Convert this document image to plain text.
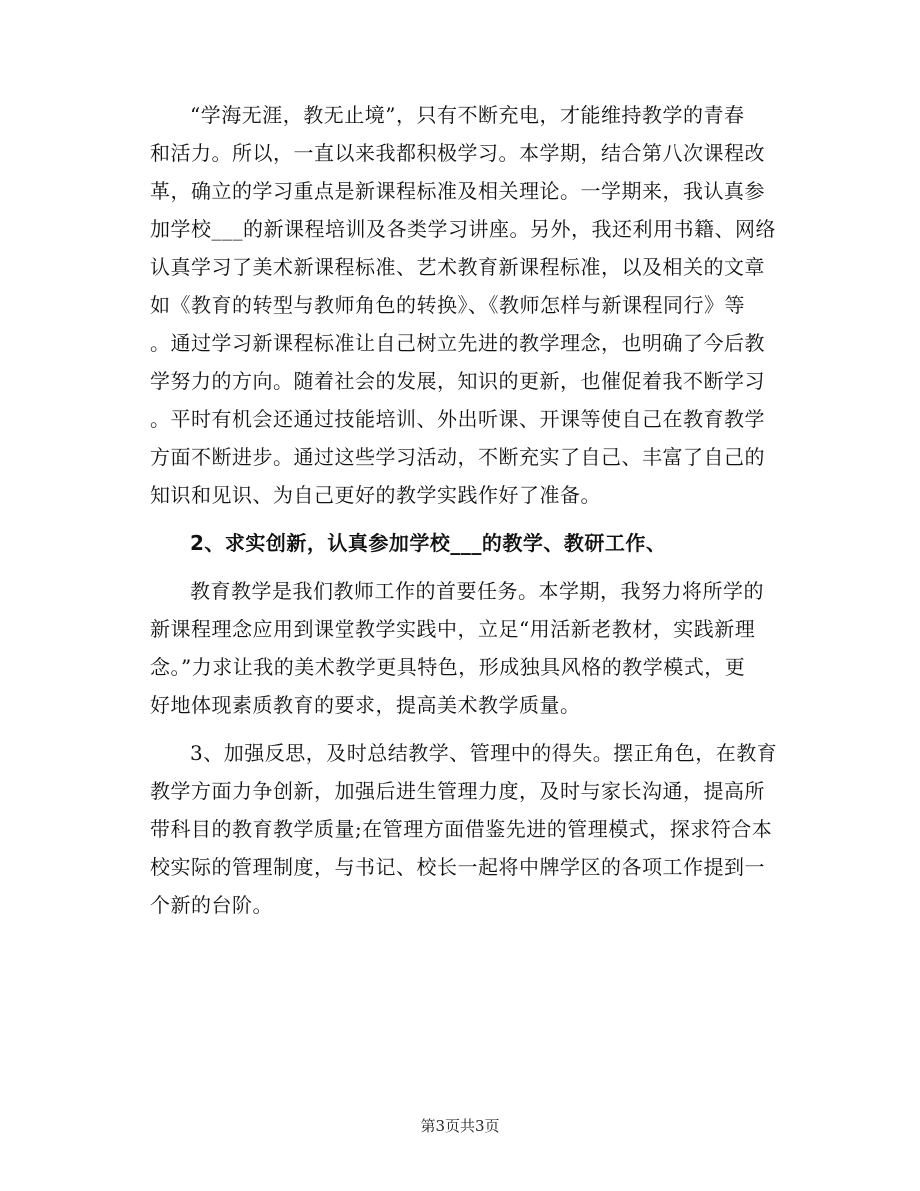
“学海无涯，教无止境”，只有不断充电，才能维持教学的青春
和活力。所以，一直以来我都积极学习。本学期，结合第八次课程改
革，确立的学习重点是新课程标准及相关理论。一学期来，我认真参
加学校___的新课程培训及各类学习讲座。另外，我还利用书籍、网络
认真学习了美术新课程标准、艺术教育新课程标准，以及相关的文章
如《教育的转型与教师角色的转换》、《教师怎样与新课程同行》等
。通过学习新课程标准让自己树立先进的教学理念，也明确了今后教
学努力的方向。随着社会的发展，知识的更新，也催促着我不断学习
。平时有机会还通过技能培训、外出听课、开课等使自己在教育教学
方面不断进步。通过这些学习活动，不断充实了自己、丰富了自己的
知识和见识、为自己更好的教学实践作好了准备。
2、求实创新，认真参加学校___的教学、教研工作、
教育教学是我们教师工作的首要任务。本学期，我努力将所学的
新课程理念应用到课堂教学实践中，立足“用活新老教材，实践新理
念。”力求让我的美术教学更具特色，形成独具风格的教学模式，更
好地体现素质教育的要求，提高美术教学质量。
3、加强反思，及时总结教学、管理中的得失。摆正角色，在教育
教学方面力争创新，加强后进生管理力度，及时与家长沟通，提高所
带科目的教育教学质量;在管理方面借鉴先进的管理模式，探求符合本
校实际的管理制度，与书记、校长一起将中牌学区的各项工作提到一
个新的台阶。
第3页共3页
